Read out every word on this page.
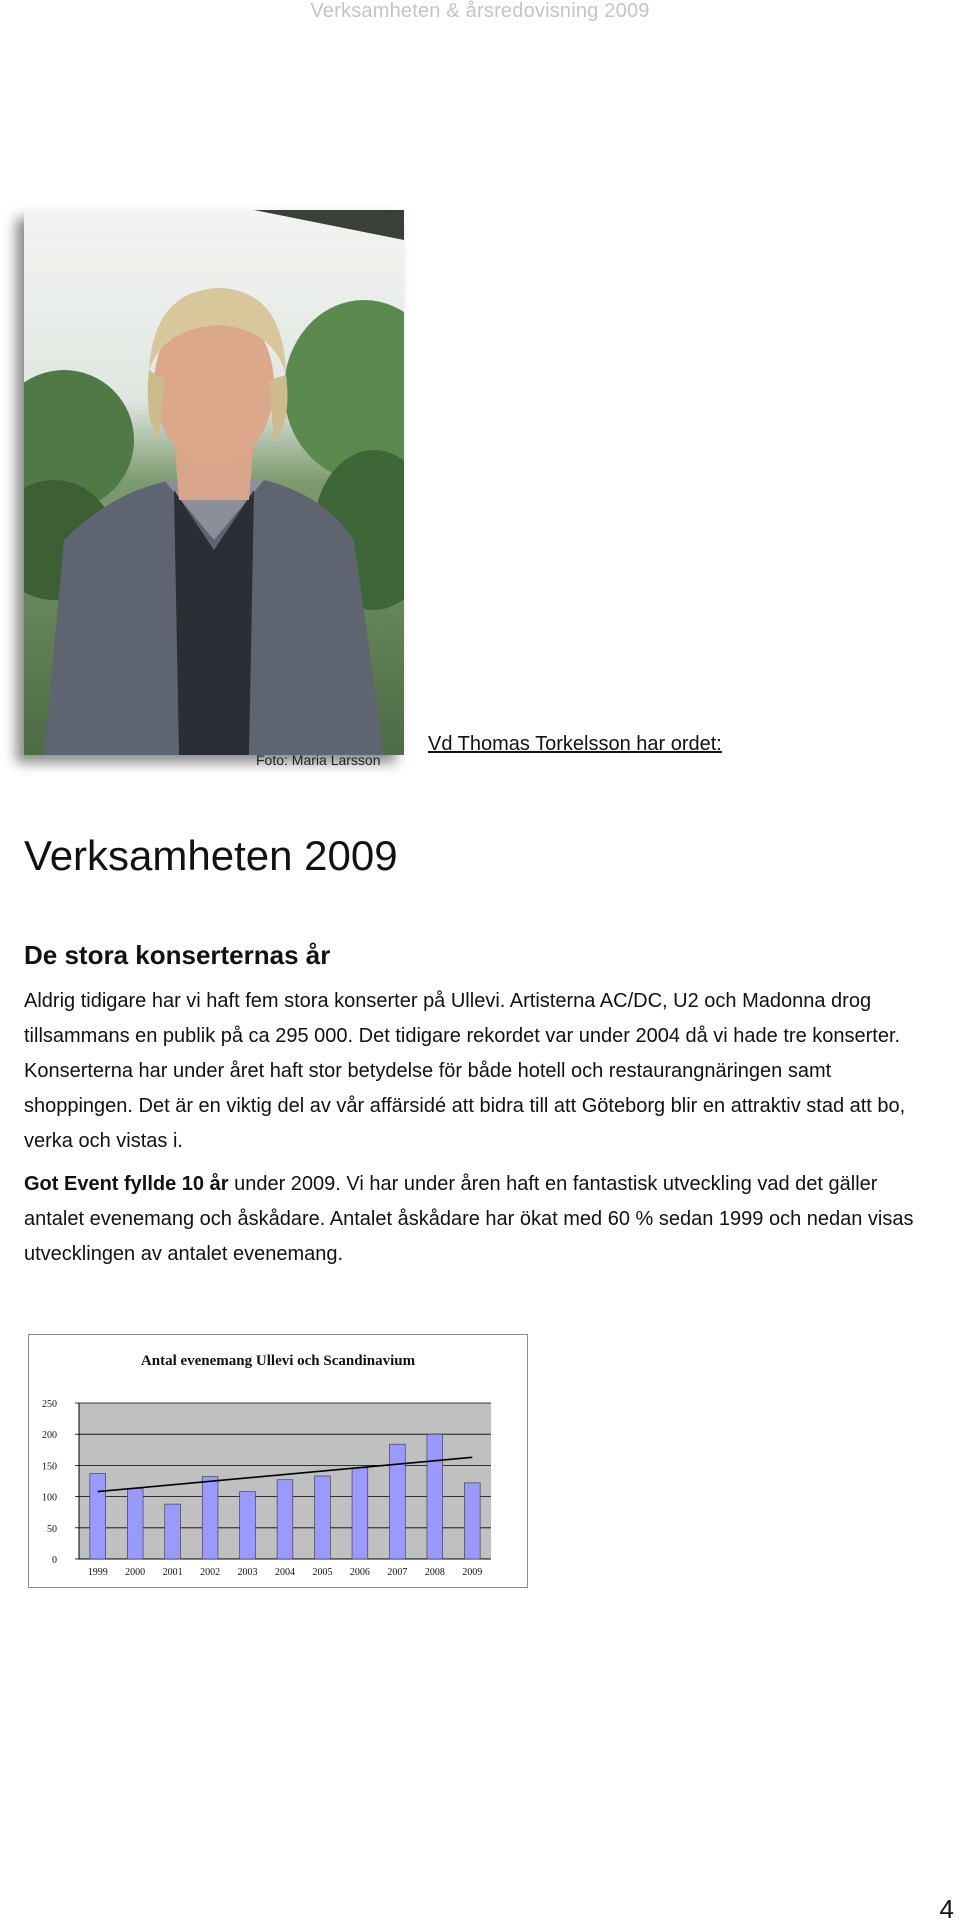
Verksamheten & årsredovisning 2009
Foto: Maria Larsson
Vd Thomas Torkelsson har ordet:
Verksamheten 2009
De stora konserternas år

Aldrig tidigare har vi haft fem stora konserter på Ullevi. Artisterna AC/DC, U2 och Madonna drog tillsammans en publik på ca 295 000. Det tidigare rekordet var under 2004 då vi hade tre konserter. Konserterna har under året haft stor betydelse för både hotell och restaurangnäringen samt shoppingen. Det är en viktig del av vår affärsidé att bidra till att Göteborg blir en attraktiv stad att bo, verka och vistas i.

Got Event fyllde 10 år under 2009. Vi har under åren haft en fantastisk utveckling vad det gäller antalet evenemang och åskådare. Antalet åskådare har ökat med 60 % sedan 1999 och nedan visas utvecklingen av antalet evenemang.

Antal evenemang Ullevi och Scandinavium
0
50
100
150
200
250
1999 2000 2001 2002 2003 2004 2005 2006 2007 2008 2009
4
